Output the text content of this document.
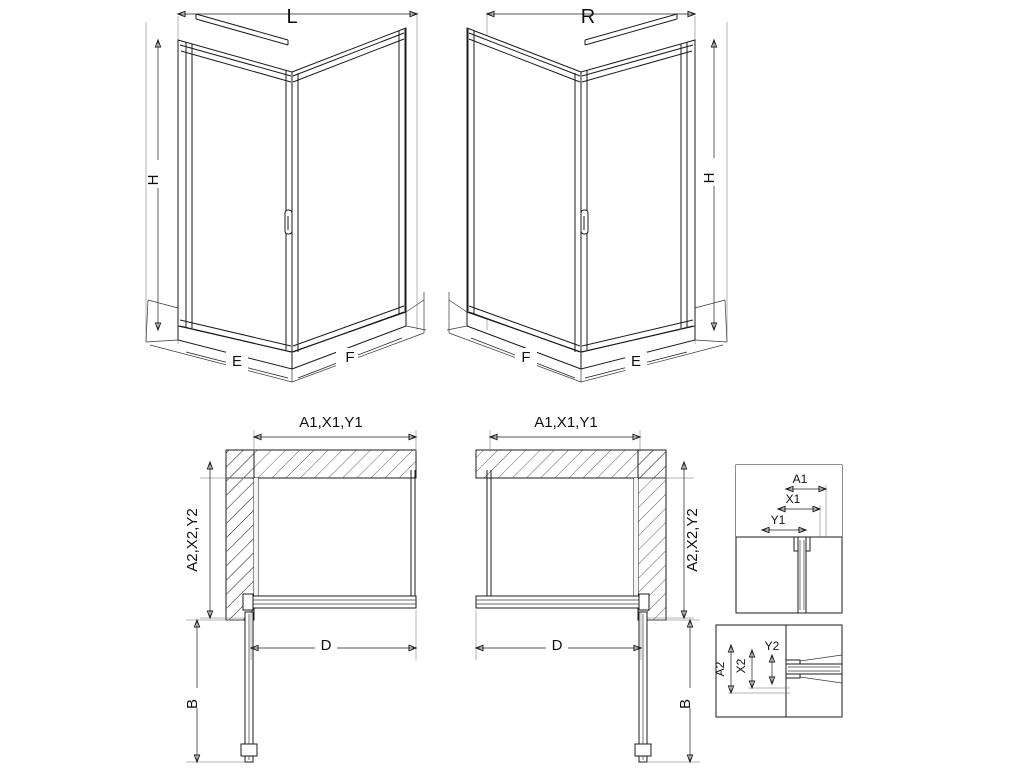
H
L
E	F
H
R
E
F
A1,X1,Y1
A2,X2,Y2
D
B
A1,X1,Y1
A2,X2,Y2
D
B
A1
X1
Y1
A2 X2
Y2
